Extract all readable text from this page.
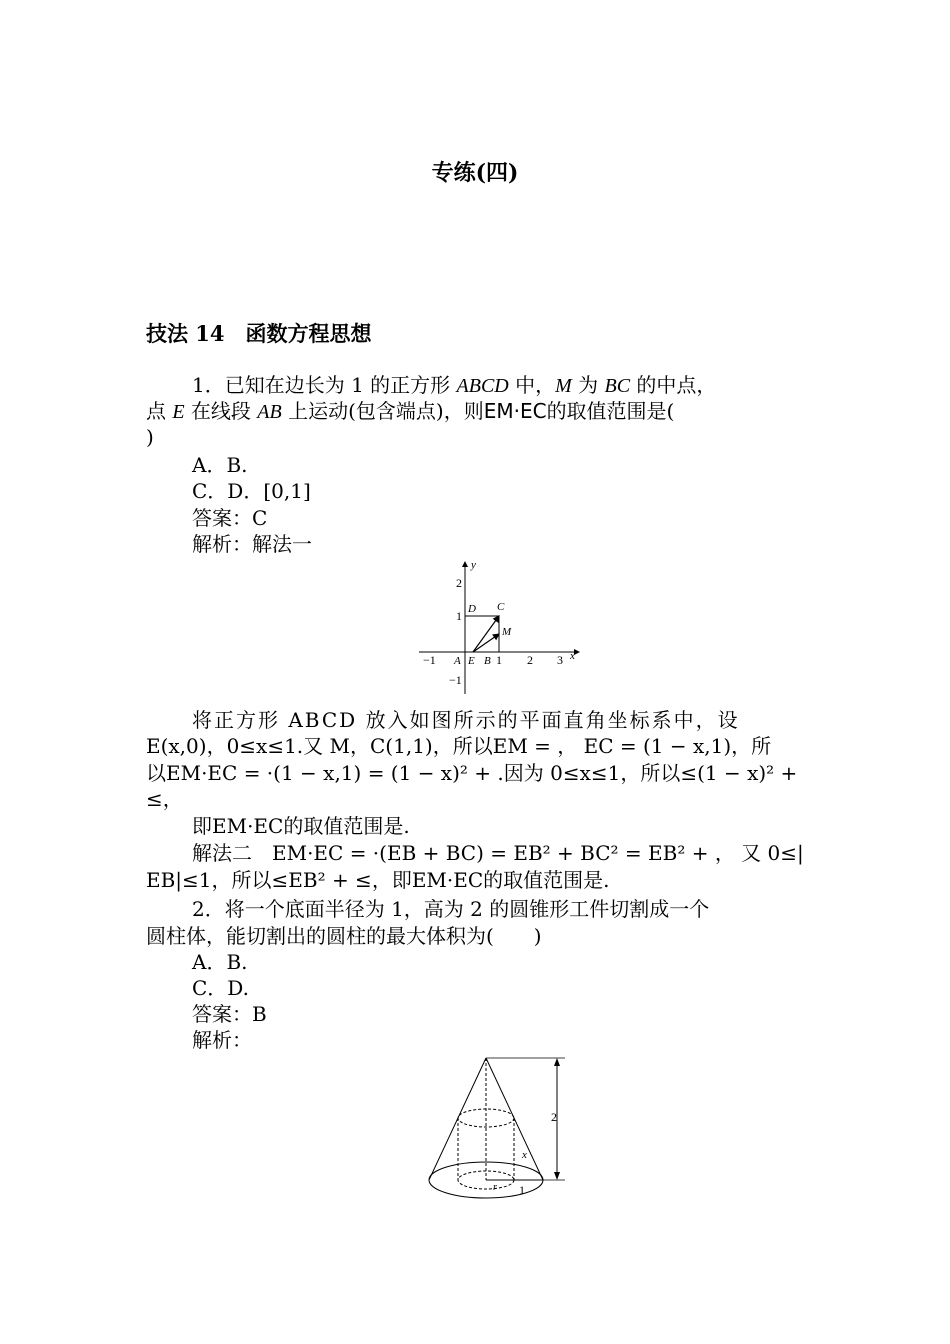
专练(四)
技法 14　函数方程思想
1．已知在边长为 1 的正方形 ABCD 中，M 为 BC 的中点，
点 E 在线段 AB 上运动(包含端点)，则EM·EC的取值范围是(
)
A．B.
C．D．[0,1]
答案：C
解析：解法一
y
x
2
1
−1
−1	1 2 3
A E B
D C
M
将正方形 ABCD 放入如图所示的平面直角坐标系中，设
E(x,0)，0≤x≤1.又 M，C(1,1)，所以EM = ， EC = (1 − x,1)，所
以EM·EC = ·(1 − x,1) = (1 − x)² + .因为 0≤x≤1，所以≤(1 − x)² +
≤，
即EM·EC的取值范围是.
解法二　EM·EC = ·(EB + BC) = EB² + BC² = EB² + ， 又 0≤|
EB|≤1，所以≤EB² + ≤，即EM·EC的取值范围是.
2．将一个底面半径为 1，高为 2 的圆锥形工件切割成一个
圆柱体，能切割出的圆柱的最大体积为(　　)
A．B.
C．D.
答案：B
解析：
2
x
1
r
